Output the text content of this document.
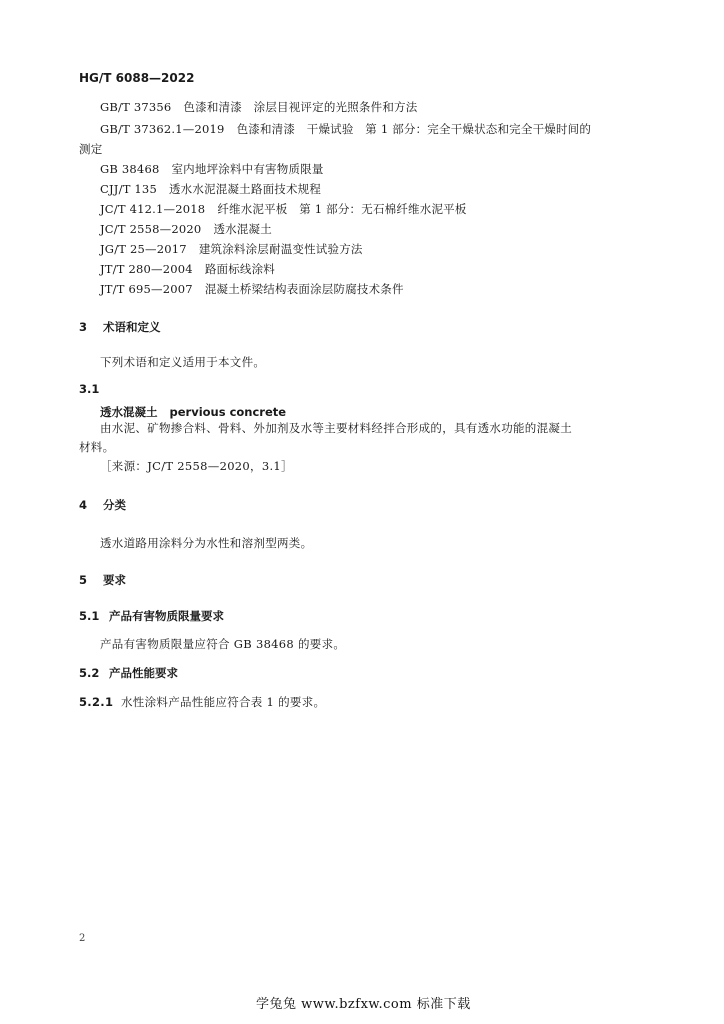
HG/T 6088—2022
GB/T 37356 色漆和清漆　涂层目视评定的光照条件和方法
GB/T 37362.1—2019 色漆和清漆　干燥试验　第 1 部分：完全干燥状态和完全干燥时间的
测定
GB 38468 室内地坪涂料中有害物质限量
CJJ/T 135 透水水泥混凝土路面技术规程
JC/T 412.1—2018 纤维水泥平板　第 1 部分：无石棉纤维水泥平板
JC/T 2558—2020 透水混凝土
JG/T 25—2017 建筑涂料涂层耐温变性试验方法
JT/T 280—2004 路面标线涂料
JT/T 695—2007 混凝土桥梁结构表面涂层防腐技术条件
3 术语和定义
下列术语和定义适用于本文件。
3.1
透水混凝土 pervious concrete
由水泥、矿物掺合料、骨料、外加剂及水等主要材料经拌合形成的，具有透水功能的混凝土
材料。
［来源：JC/T 2558—2020，3.1］
4 分类
透水道路用涂料分为水性和溶剂型两类。
5 要求
5.1 产品有害物质限量要求
产品有害物质限量应符合 GB 38468 的要求。
5.2 产品性能要求
5.2.1 水性涂料产品性能应符合表 1 的要求。
2
学兔兔 www.bzfxw.com 标准下载
